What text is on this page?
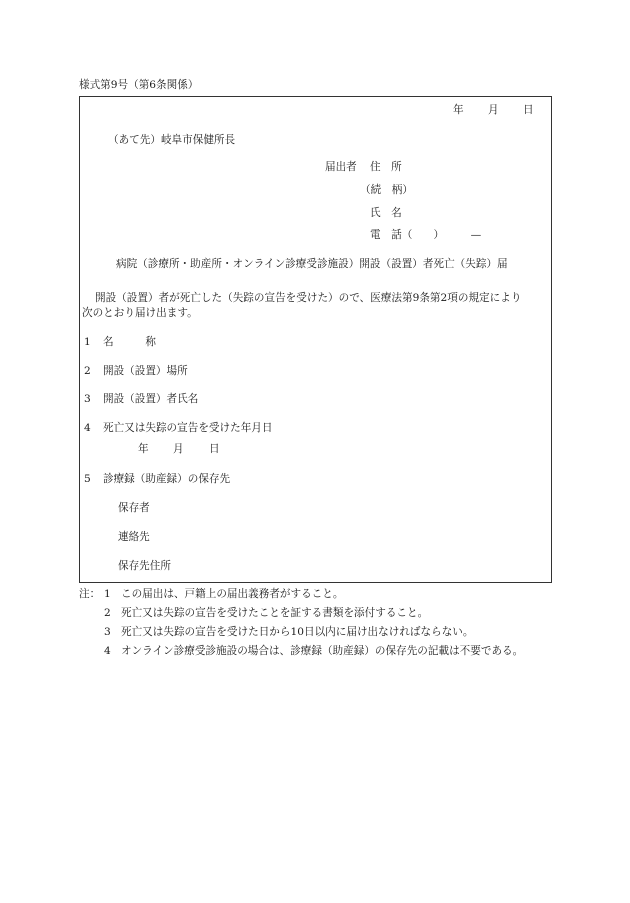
様式第9号（第6条関係）
年 月 日
（あて先）岐阜市保健所長
届出者 住　所
（続　柄）
氏　名
電　話（　　）　　　—
病院（診療所・助産所・オンライン診療受診施設）開設（設置）者死亡（失踪）届
開設（設置）者が死亡した（失踪の宣告を受けた）ので、医療法第9条第2項の規定により
次のとおり届け出ます。
1 名　　　称
2 開設（設置）場所
3 開設（設置）者氏名
4 死亡又は失踪の宣告を受けた年月日
年 月 日
5 診療録（助産録）の保存先
保存者
連絡先
保存先住所
注： 1 この届出は、戸籍上の届出義務者がすること。
2 死亡又は失踪の宣告を受けたことを証する書類を添付すること。
3 死亡又は失踪の宣告を受けた日から10日以内に届け出なければならない。
4 オンライン診療受診施設の場合は、診療録（助産録）の保存先の記載は不要である。
